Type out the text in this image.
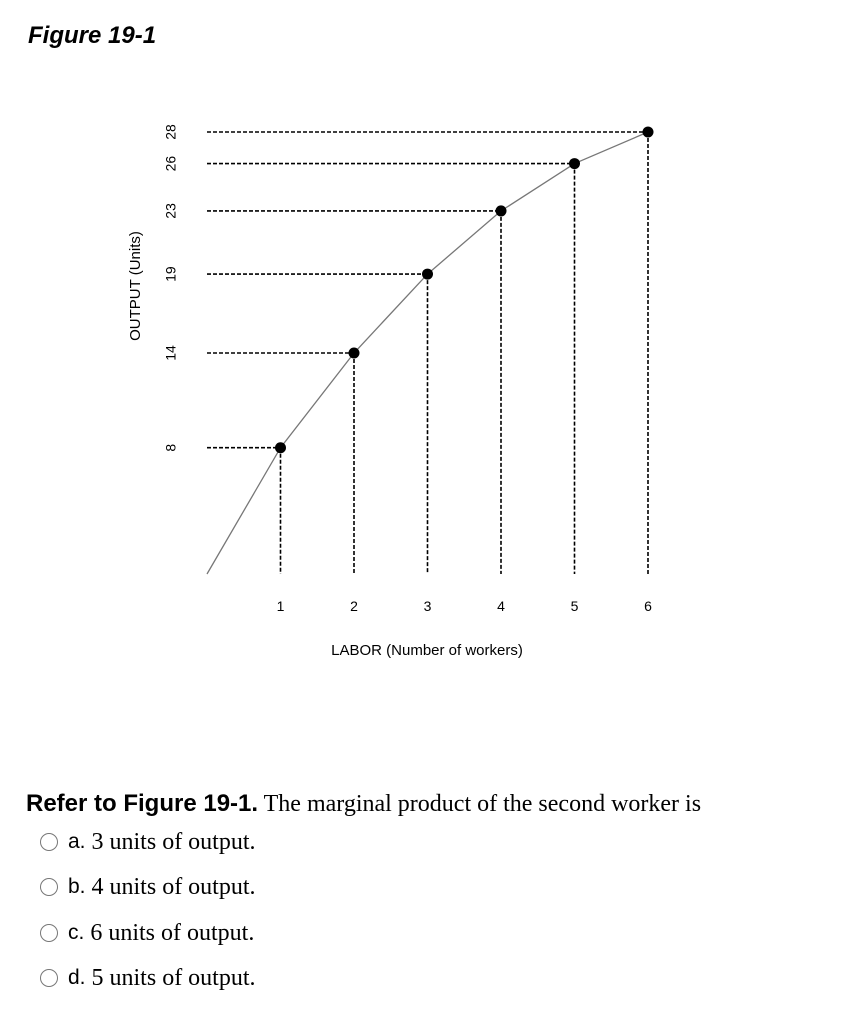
Figure 19-1
1	2	3	4	5	6
8
14
19
23
26
28
LABOR (Number of workers)
OUTPUT (Units)
Refer to Figure 19-1. The marginal product of the second worker is
a. 3 units of output.
b. 4 units of output.
c. 6 units of output.
d. 5 units of output.
